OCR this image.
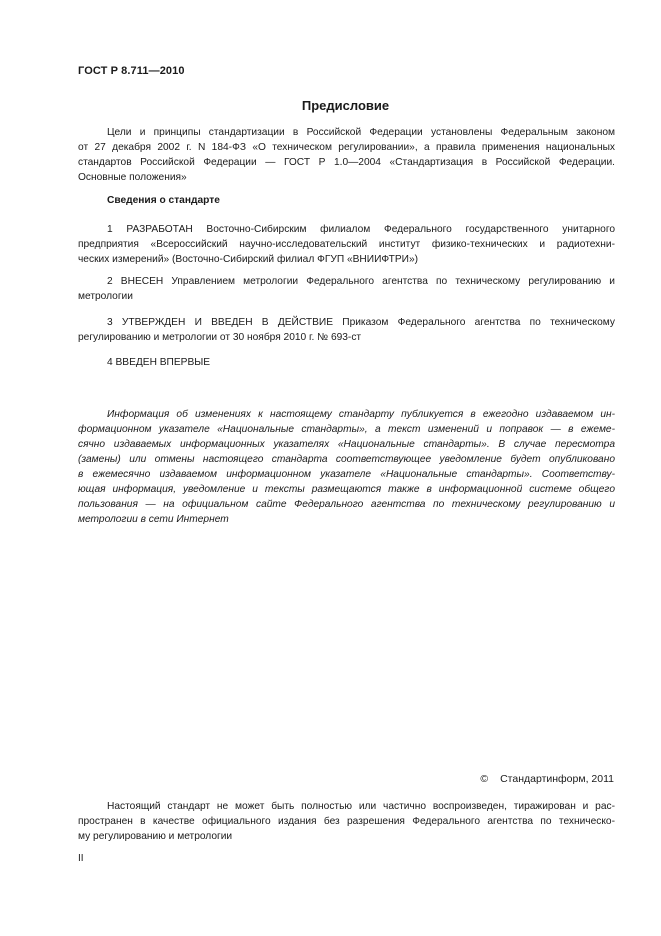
ГОСТ Р 8.711—2010
Предисловие
Цели и принципы стандартизации в Российской Федерации установлены Федеральным законом
от 27 декабря 2002 г. N 184-ФЗ «О техническом регулировании», а правила применения национальных
стандартов Российской Федерации — ГОСТ Р 1.0—2004 «Стандартизация в Российской Федерации.
Основные положения»
Сведения о стандарте
1 РАЗРАБОТАН Восточно-Сибирским филиалом Федерального государственного унитарного
предприятия «Всероссийский научно-исследовательский институт физико-технических и радиотехни-
ческих измерений» (Восточно-Сибирский филиал ФГУП «ВНИИФТРИ»)
2 ВНЕСЕН Управлением метрологии Федерального агентства по техническому регулированию и
метрологии
3 УТВЕРЖДЕН И ВВЕДЕН В ДЕЙСТВИЕ Приказом Федерального агентства по техническому
регулированию и метрологии от 30 ноября 2010 г. № 693-ст
4 ВВЕДЕН ВПЕРВЫЕ
Информация об изменениях к настоящему стандарту публикуется в ежегодно издаваемом ин-
формационном указателе «Национальные стандарты», а текст изменений и поправок — в ежеме-
сячно издаваемых информационных указателях «Национальные стандарты». В случае пересмотра
(замены) или отмены настоящего стандарта соответствующее уведомление будет опубликовано
в ежемесячно издаваемом информационном указателе «Национальные стандарты». Соответству-
ющая информация, уведомление и тексты размещаются также в информационной системе общего
пользования — на официальном сайте Федерального агентства по техническому регулированию и
метрологии в сети Интернет
© Стандартинформ, 2011
Настоящий стандарт не может быть полностью или частично воспроизведен, тиражирован и рас-
пространен в качестве официального издания без разрешения Федерального агентства по техническо-
му регулированию и метрологии
II
